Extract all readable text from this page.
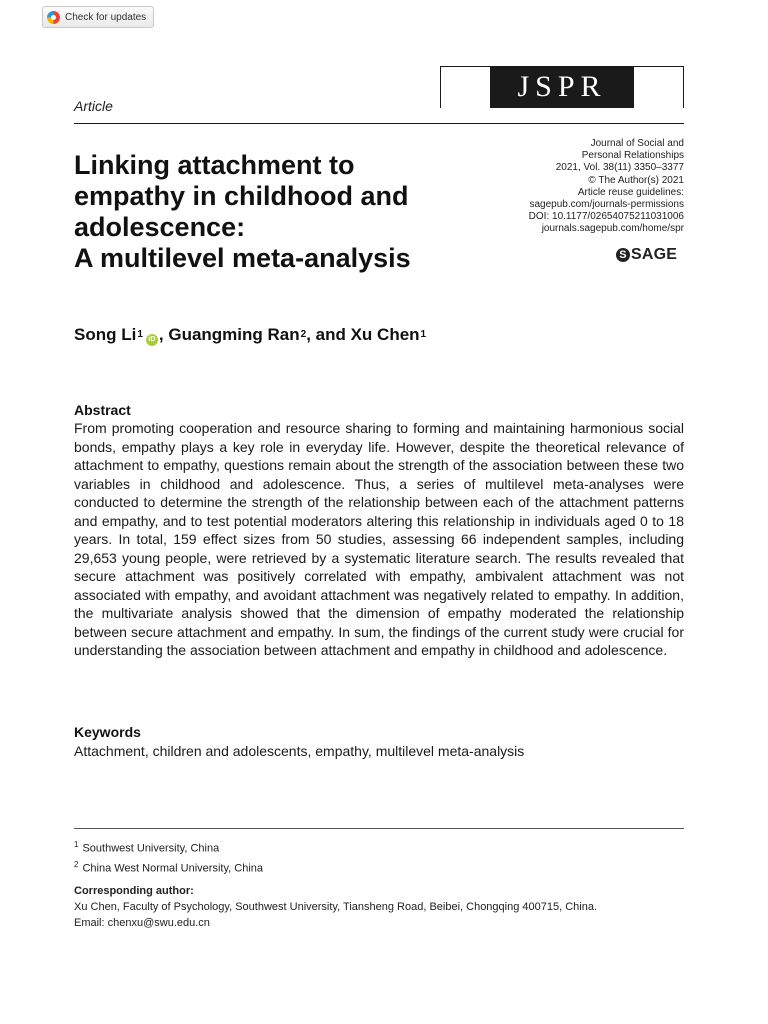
Check for updates
JSPR
Article
Linking attachment to
empathy in childhood and
adolescence:
A multilevel meta-analysis
Journal of Social and
Personal Relationships
2021, Vol. 38(11) 3350–3377
© The Author(s) 2021
Article reuse guidelines:
sagepub.com/journals-permissions
DOI: 10.1177/02654075211031006
journals.sagepub.com/home/spr
S SAGE
Song Li$^1$ iD , Guangming Ran$^2$ , and Xu Chen$^1$
Abstract

From promoting cooperation and resource sharing to forming and maintaining harmonious social bonds, empathy plays a key role in everyday life. However, despite the theoretical relevance of attachment to empathy, questions remain about the strength of the association between these two variables in childhood and adolescence. Thus, a series of multilevel meta-analyses were conducted to determine the strength of the relationship between each of the attachment patterns and empathy, and to test potential moderators altering this relationship in individuals aged 0 to 18 years. In total, 159 effect sizes from 50 studies, assessing 66 independent samples, including 29,653 young people, were retrieved by a systematic literature search. The results revealed that secure attachment was positively correlated with empathy, ambivalent attachment was not associated with empathy, and avoidant attachment was negatively related to empathy. In addition, the multivariate analysis showed that the dimension of empathy moderated the relationship between secure attachment and empathy. In sum, the findings of the current study were crucial for understanding the association between attachment and empathy in childhood and adolescence.

Keywords
Attachment, children and adolescents, empathy, multilevel meta-analysis
$^1$ Southwest University, China
$^2$ China West Normal University, China
Corresponding author:
Xu Chen, Faculty of Psychology, Southwest University, Tiansheng Road, Beibei, Chongqing 400715, China.
Email: chenxu@swu.edu.cn
